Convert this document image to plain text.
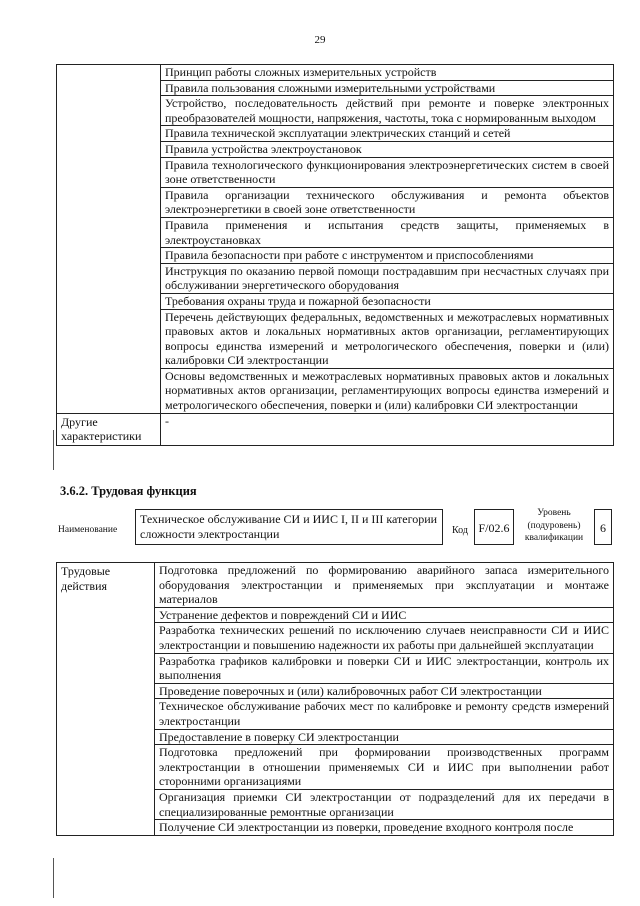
29
	Принцип работы сложных измерительных устройств
	Правила пользования сложными измерительными устройствами
	Устройство, последовательность действий при ремонте и поверке электронных преобразователей мощности, напряжения, частоты, тока с нормированным выходом
	Правила технической эксплуатации электрических станций и сетей
	Правила устройства электроустановок
	Правила технологического функционирования электроэнергетических систем в своей зоне ответственности
	Правила организации технического обслуживания и ремонта объектов электроэнергетики в своей зоне ответственности
	Правила применения и испытания средств защиты, применяемых в электроустановках
	Правила безопасности при работе с инструментом и приспособлениями
	Инструкция по оказанию первой помощи пострадавшим при несчастных случаях при обслуживании энергетического оборудования
	Требования охраны труда и пожарной безопасности
	Перечень действующих федеральных, ведомственных и межотраслевых нормативных правовых актов и локальных нормативных актов организации, регламентирующих вопросы единства измерений и метрологического обеспечения, поверки и (или) калибровки СИ электростанции
	Основы ведомственных и межотраслевых нормативных правовых актов и локальных нормативных актов организации, регламентирующих вопросы единства измерений и метрологического обеспечения, поверки и (или) калибровки СИ электростанции
Другие характеристики	-
3.6.2. Трудовая функция
Наименование
Техническое обслуживание СИ и ИИС I, II и III категории сложности электростанции	Код F/02.6
Уровень (подуровень) квалификации
6
Трудовые действия	Подготовка предложений по формированию аварийного запаса измерительного оборудования электростанции и применяемых при эксплуатации и монтаже материалов
Устранение дефектов и повреждений СИ и ИИС
Разработка технических решений по исключению случаев неисправности СИ и ИИС электростанции и повышению надежности их работы при дальнейшей эксплуатации
Разработка графиков калибровки и поверки СИ и ИИС электростанции, контроль их выполнения
Проведение поверочных и (или) калибровочных работ СИ электростанции
Техническое обслуживание рабочих мест по калибровке и ремонту средств измерений электростанции
Предоставление в поверку СИ электростанции
Подготовка предложений при формировании производственных программ электростанции в отношении применяемых СИ и ИИС при выполнении работ сторонними организациями
Организация приемки СИ электростанции от подразделений для их передачи в специализированные ремонтные организации
Получение СИ электростанции из поверки, проведение входного контроля после
